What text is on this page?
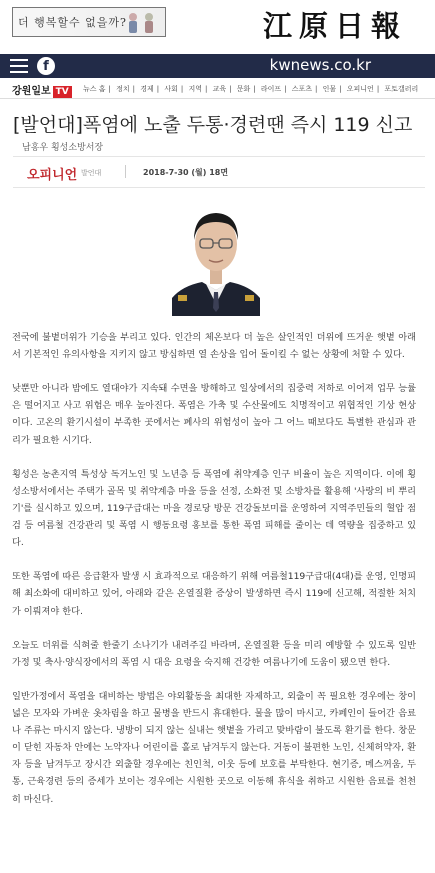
더 행복할수 없을까?	江原日報
f	kwnews.co.kr
강원일보 TV	뉴스 홈 | 정치 | 경제 | 사회 | 지역 | 교육 | 문화 | 라이프 | 스포츠 | 인물 | 오피니언 | 포토갤러리
[발언대]폭염에 노출 두통·경련땐 즉시 119 신고
남홍우 횡성소방서장
오피니언 발언대	2018-7-30 (월) 18면

전국에 불볕더위가 기승을 부리고 있다. 인간의 체온보다 더 높은 살인적인 더위에 뜨거운 햇볕 아래서 기본적인 유의사항을 지키지 않고 방심하면 열 손상을 입어 돌이킬 수 없는 상황에 처할 수 있다.

낮뿐만 아니라 밤에도 열대야가 지속돼 수면을 방해하고 일상에서의 집중력 저하로 이어져 업무 능률은 떨어지고 사고 위험은 매우 높아진다. 폭염은 가축 및 수산물에도 치명적이고 위협적인 기상 현상이다. 고온의 환기시설이 부족한 곳에서는 폐사의 위험성이 높아 그 어느 때보다도 특별한 관심과 관리가 필요한 시기다.

횡성은 농촌지역 특성상 독거노인 및 노년층 등 폭염에 취약계층 인구 비율이 높은 지역이다. 이에 횡성소방서에서는 주택가 골목 및 취약계층 마을 등을 선정, 소화전 및 소방차를 활용해 '사랑의 비 뿌리기'를 실시하고 있으며, 119구급대는 마을 경로당 방문 건강돌보미를 운영하여 지역주민들의 혈압 점검 등 여름철 건강관리 및 폭염 시 행동요령 홍보를 통한 폭염 피해를 줄이는 데 역량을 집중하고 있다.

또한 폭염에 따른 응급환자 발생 시 효과적으로 대응하기 위해 여름철119구급대(4대)를 운영, 인명피해 최소화에 대비하고 있어, 아래와 같은 온열질환 증상이 발생하면 즉시 119에 신고해, 적절한 처치가 이뤄져야 한다.

오늘도 더위를 식혀줄 한줄기 소나기가 내려주길 바라며, 온열질환 등을 미리 예방할 수 있도록 일반가정 및 축사·양식장에서의 폭염 시 대응 요령을 숙지해 건강한 여름나기에 도움이 됐으면 한다.

일반가정에서 폭염을 대비하는 방법은 야외활동을 최대한 자제하고, 외출이 꼭 필요한 경우에는 창이 넓은 모자와 가벼운 옷차림을 하고 물병을 반드시 휴대한다. 물을 많이 마시고, 카페인이 들어간 음료나 주류는 마시지 않는다. 냉방이 되지 않는 실내는 햇볕을 가리고 맞바람이 불도록 환기를 한다. 창문이 닫힌 자동차 안에는 노약자나 어린이를 홀로 남겨두지 않는다. 거동이 불편한 노인, 신체허약자, 환자 등을 남겨두고 장시간 외출할 경우에는 친인척, 이웃 등에 보호를 부탁한다. 현기증, 메스꺼움, 두통, 근육경련 등의 증세가 보이는 경우에는 시원한 곳으로 이동해 휴식을 취하고 시원한 음료를 천천히 마신다.
